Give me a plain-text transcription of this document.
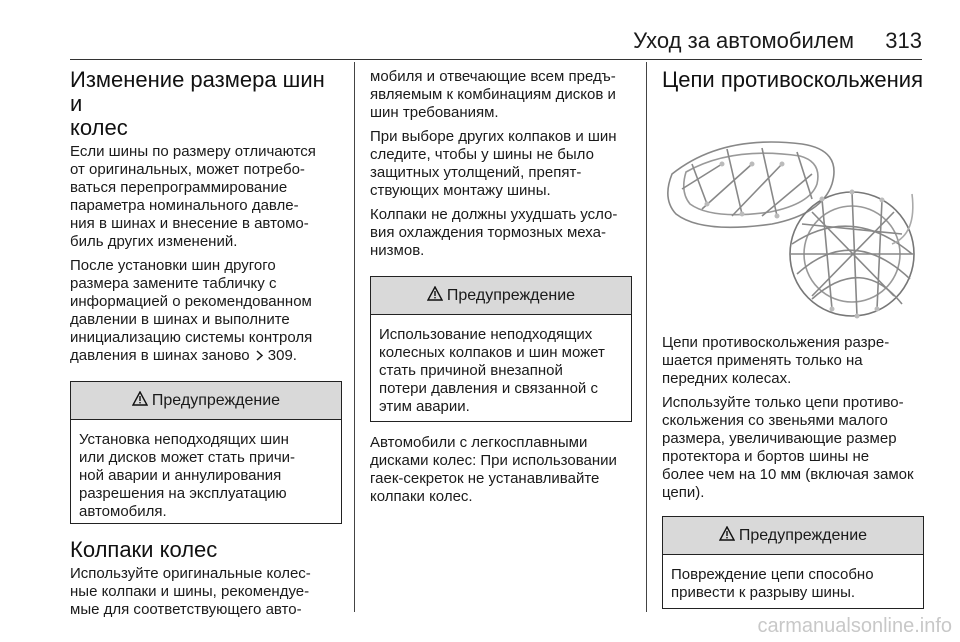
Уход за автомобилем 313
Изменение размера шин и
колес

Если шины по размеру отличаются
от оригинальных, может потребо-
ваться перепрограммирование
параметра номинального давле-
ния в шинах и внесение в автомо-
биль других изменений.

После установки шин другого
размера замените табличку с
информацией о рекомендованном
давлении в шинах и выполните
инициализацию системы контроля
давления в шинах заново 309.

Предупреждение
Установка неподходящих шин
или дисков может стать причи-
ной аварии и аннулирования
разрешения на эксплуатацию
автомобиля.
Колпаки колес

Используйте оригинальные колес-
ные колпаки и шины, рекомендуе-
мые для соответствующего авто-

мобиля и отвечающие всем предъ-
являемым к комбинациям дисков и
шин требованиям.

При выборе других колпаков и шин
следите, чтобы у шины не было
защитных утолщений, препят-
ствующих монтажу шины.

Колпаки не должны ухудшать усло-
вия охлаждения тормозных меха-
низмов.

Предупреждение
Использование неподходящих
колесных колпаков и шин может
стать причиной внезапной
потери давления и связанной с
этим аварии.

Автомобили с легкосплавными
дисками колес: При использовании
гаек-секреток не устанавливайте
колпаки колес.

Цепи противоскольжения

Цепи противоскольжения разре-
шается применять только на
передних колесах.

Используйте только цепи противо-
скольжения со звеньями малого
размера, увеличивающие размер
протектора и бортов шины не
более чем на 10 мм (включая замок
цепи).

Предупреждение
Повреждение цепи способно
привести к разрыву шины.
carmanualsonline.info
